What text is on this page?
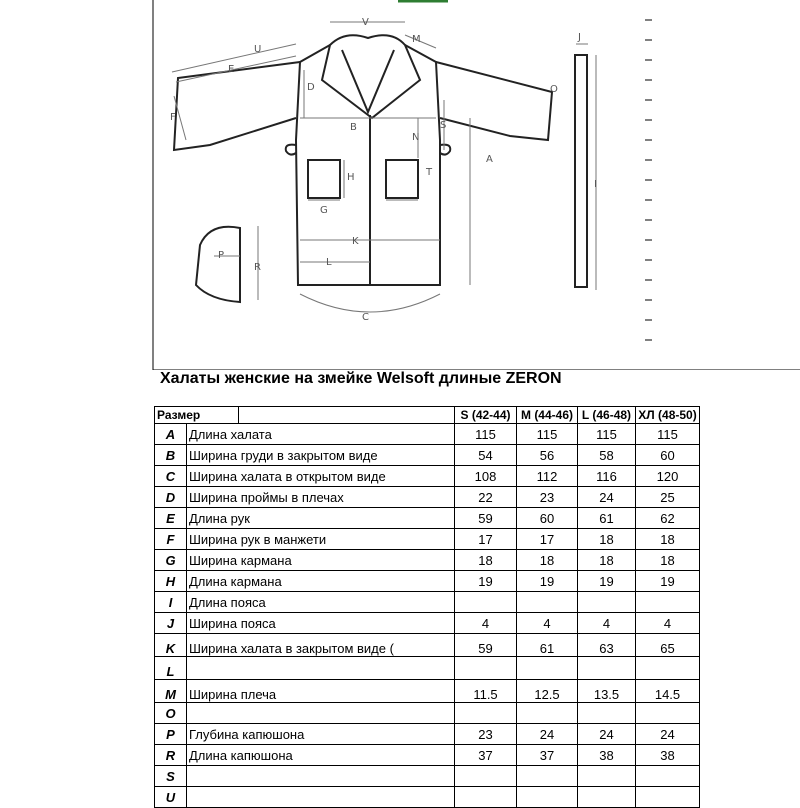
V
U
M	J
E
D	O
F
B
N
S
A
I
H	T
G
P
K
R	L
C
Халаты женские на змейке Welsoft длиные ZERON
Размер			S (42-44)	M (44-46)	L (46-48)	ХЛ (48-50)
A	Длина халата		115	115	115	115
B	Ширина груди в закрытом виде		54	56	58	60
C	Ширина халата в открытом виде		108	112	116	120
D	Ширина проймы в плечах		22	23	24	25
E	Длина рук		59	60	61	62
F	Ширина рук в манжети		17	17	18	18
G	Ширина кармана		18	18	18	18
H	Длина кармана		19	19	19	19
I	Длина пояса					
J	Ширина пояса		4	4	4	4
K	Ширина халата в закрытом виде (		59	61	63	65
L						
M	Ширина плеча		11.5	12.5	13.5	14.5
O						
P	Глубина капюшона		23	24	24	24
R	Длина капюшона		37	37	38	38
S						
U						
